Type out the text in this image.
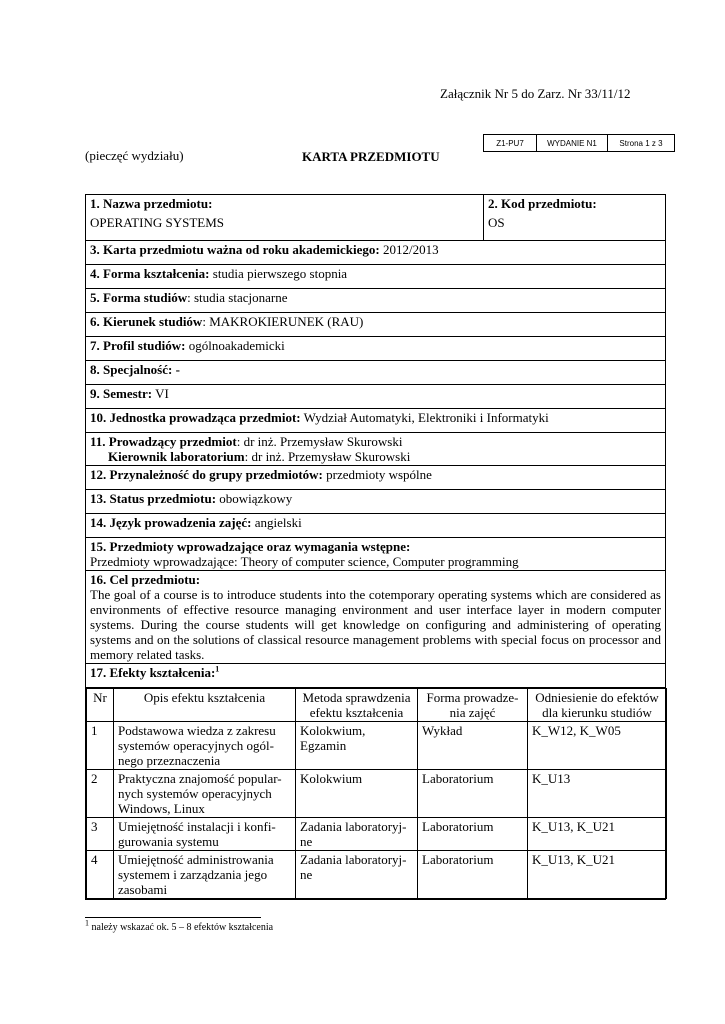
Załącznik Nr 5 do Zarz. Nr 33/11/12
Z1-PU7	WYDANIE N1	Strona 1 z 3
(pieczęć wydziału)	KARTA PRZEDMIOTU
1. Nazwa przedmiotu:
OPERATING SYSTEMS

2. Kod przedmiotu:
OS

3. Karta przedmiotu ważna od roku akademickiego: 2012/2013
4. Forma kształcenia: studia pierwszego stopnia
5. Forma studiów: studia stacjonarne
6. Kierunek studiów: MAKROKIERUNEK (RAU)
7. Profil studiów: ogólnoakademicki
8. Specjalność: -
9. Semestr: VI
10. Jednostka prowadząca przedmiot: Wydział Automatyki, Elektroniki i Informatyki

11. Prowadzący przedmiot: dr inż. Przemysław Skurowski
Kierownik laboratorium: dr inż. Przemysław Skurowski

12. Przynależność do grupy przedmiotów: przedmioty wspólne
13. Status przedmiotu: obowiązkowy
14. Język prowadzenia zajęć: angielski

15. Przedmioty wprowadzające oraz wymagania wstępne:
Przedmioty wprowadzające: Theory of computer science, Computer programming

16. Cel przedmiotu:
The goal of a course is to introduce students into the cotemporary operating systems which are considered as environments of effective resource managing environment and user interface layer in modern computer systems. During the course students will get knowledge on configuring and administering of operating systems and on the solutions of classical resource management problems with special focus on processor and memory related tasks.

17. Efekty kształcenia:$^1$

Nr	Opis efektu kształcenia	Metoda sprawdzenia efektu kształcenia	Forma prowadze-nia zajęć	Odniesienie do efektów dla kierunku studiów
1	Podstawowa wiedza z zakresu systemów operacyjnych ogól-nego przeznaczenia	Kolokwium, Egzamin	Wykład	K_W12, K_W05
2	Praktyczna znajomość popular-nych systemów operacyjnych Windows, Linux	Kolokwium	Laboratorium	K_U13
3	Umiejętność instalacji i konfi-gurowania systemu	Zadania laboratoryj-ne	Laboratorium	K_U13, K_U21
4	Umiejętność administrowania systemem i zarządzania jego zasobami	Zadania laboratoryj-ne	Laboratorium	K_U13, K_U21
$^1$ należy wskazać ok. 5 – 8 efektów kształcenia
